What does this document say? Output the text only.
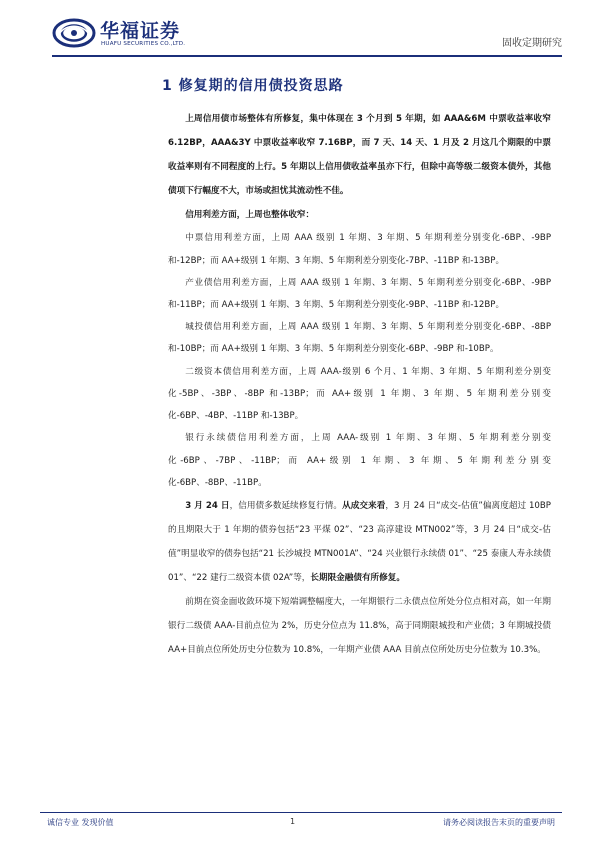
华福证券
HUAFU SECURITIES CO.,LTD.	固收定期研究
1 修复期的信用债投资思路

上周信用债市场整体有所修复，集中体现在 3 个月到 5 年期，如 AAA&6M 中票收益率收窄 6.12BP，AAA&3Y 中票收益率收窄 7.16BP，而 7 天、14 天、1 月及 2 月这几个期限的中票收益率则有不同程度的上行。5 年期以上信用债收益率虽亦下行，但除中高等级二级资本债外，其他债项下行幅度不大，市场或担忧其流动性不佳。

信用利差方面，上周也整体收窄：

中票信用利差方面，上周 AAA 级别 1 年期、3 年期、5 年期利差分别变化-6BP、-9BP 和-12BP；而 AA+级别 1 年期、3 年期、5 年期利差分别变化-7BP、-11BP 和-13BP。

产业债信用利差方面，上周 AAA 级别 1 年期、3 年期、5 年期利差分别变化-6BP、-9BP 和-11BP；而 AA+级别 1 年期、3 年期、5 年期利差分别变化-9BP、-11BP 和-12BP。

城投债信用利差方面，上周 AAA 级别 1 年期、3 年期、5 年期利差分别变化-6BP、-8BP 和-10BP；而 AA+级别 1 年期、3 年期、5 年期利差分别变化-6BP、-9BP 和-10BP。

二级资本债信用利差方面，上周 AAA-级别 6 个月、1 年期、3 年期、5 年期利差分别变化-5BP、-3BP、-8BP 和-13BP；而 AA+级别 1 年期、3 年期、5 年期利差分别变化-6BP、-4BP、-11BP 和-13BP。

银行永续债信用利差方面，上周 AAA-级别 1 年期、3 年期、5 年期利差分别变化-6BP、-7BP、-11BP；而 AA+级别 1 年期、3 年期、5 年期利差分别变化-6BP、-8BP、-11BP。

3 月 24 日，信用债多数延续修复行情。从成交来看，3 月 24 日“成交-估值”偏离度超过 10BP 的且期限大于 1 年期的债券包括“23 平煤 02”、“23 高淳建设 MTN002”等，3 月 24 日“成交-估值”明显收窄的债券包括“21 长沙城投 MTN001A”、“24 兴业银行永续债 01”、“25 泰康人寿永续债 01”、“22 建行二级资本债 02A”等，长期限金融债有所修复。

前期在资金面收敛环境下短端调整幅度大，一年期银行二永债点位所处分位点相对高，如一年期银行二级债 AAA-目前点位为 2%，历史分位点为 11.8%，高于同期限城投和产业债；3 年期城投债 AA+目前点位所处历史分位数为 10.8%，一年期产业债 AAA 目前点位所处历史分位数为 10.3%。

诚信专业 发现价值	1	请务必阅读报告末页的重要声明
